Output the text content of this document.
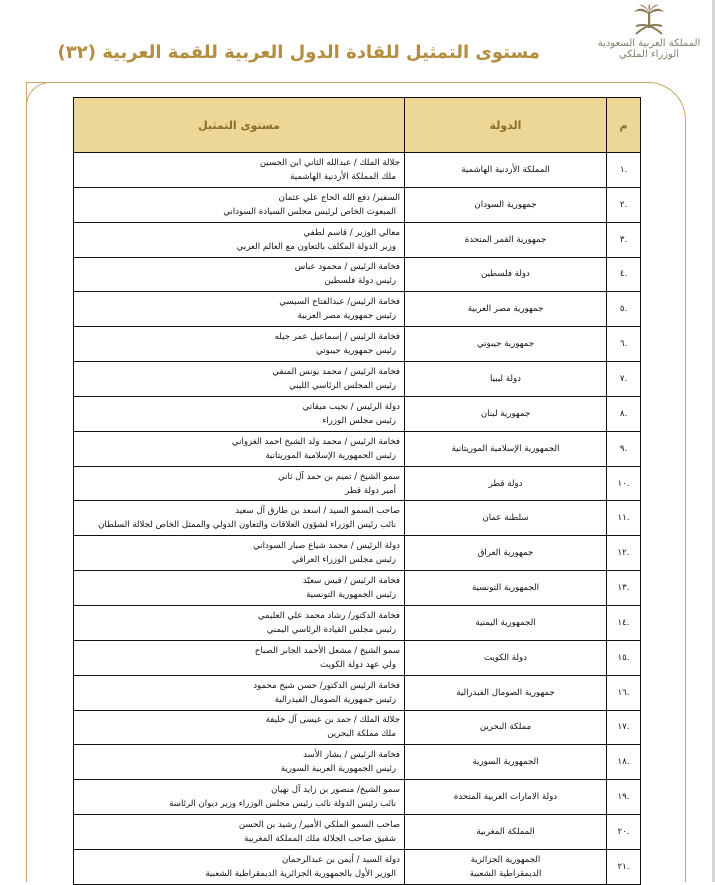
المملكة العربية السعودية
الوزراء الملكي
مستوى التمثيل للقادة الدول العربية للقمة العربية (٣٢)
م	الدولة	مستوى التمثيل
.١	المملكة الأردنية الهاشمية	جلالة الملك / عبدالله الثاني ابن الحسين
ملك المملكة الأردنية الهاشمية

.٢	جمهورية السودان	السفير/ دفع الله الحاج علي عثمان
المبعوث الخاص لرئيس مجلس السيادة السوداني

.٣	جمهورية القمر المتحدة	معالي الوزير / قاسم لطفي
وزير الدولة المكلف بالتعاون مع العالم العربي

.٤	دولة فلسطين	فخامة الرئيس / محمود عباس
رئيس دولة فلسطين

.٥	جمهورية مصر العربية	فخامة الرئيس/ عبدالفتاح السيسي
رئيس جمهورية مصر العربية

.٦	جمهورية جيبوتي	فخامة الرئيس / إسماعيل عمر جيله
رئيس جمهورية جيبوتي

.٧	دولة ليبيا	فخامة الرئيس / محمد يونس المنفي
رئيس المجلس الرئاسي الليبي

.٨	جمهورية لبنان	دولة الرئيس / نجيب ميقاتي
رئيس مجلس الوزراء

.٩	الجمهورية الإسلامية الموريتانية	فخامة الرئيس / محمد ولد الشيخ احمد الغزواني
رئيس الجمهورية الإسلامية الموريتانية

.١٠	دولة قطر	سمو الشيخ / تميم بن حمد آل ثاني
أمير دولة قطر

.١١	سلطنة عمان	صاحب السمو السيد / اسعد بن طارق آل سعيد
نائب رئيس الوزراء لشؤون العلاقات والتعاون الدولي والممثل الخاص لجلالة السلطان

.١٢	جمهورية العراق	دولة الرئيس / محمد شياع صبار السوداني
رئيس مجلس الوزراء العراقي

.١٣	الجمهورية التونسية	فخامة الرئيس / قيس سعيّد
رئيس الجمهورية التونسية

.١٤	الجمهورية اليمنية	فخامة الدكتور/ رشاد محمد علي العليمي
رئيس مجلس القيادة الرئاسي اليمني

.١٥	دولة الكويت	سمو الشيخ / مشعل الأحمد الجابر الصباح
ولي عهد دولة الكويت

.١٦	جمهورية الصومال الفيدرالية	فخامة الرئيس الدكتور/ حسن شيخ محمود
رئيس جمهورية الصومال الفيدرالية

.١٧	مملكة البحرين	جلالة الملك / حمد بن عيسى آل خليفة
ملك مملكة البحرين

.١٨	الجمهورية السورية	فخامة الرئيس / بشار الأسد
رئيس الجمهورية العربية السورية

.١٩	دولة الامارات العربية المتحدة	سمو الشيخ/ منصور بن زايد آل نهيان
نائب رئيس الدولة نائب رئيس مجلس الوزراء وزير ديوان الرئاسة

.٢٠	المملكة المغربية	صاحب السمو الملكي الأمير/ رشيد بن الحسن
شقيق صاحب الجلالة ملك المملكة المغربية

.٢١	الجمهورية الجزائرية
الديمقراطية الشعبية	دولة السيد / أيمن بن عبدالرحمان
الوزير الأول بالجمهورية الجزائرية الديمقراطية الشعبية
